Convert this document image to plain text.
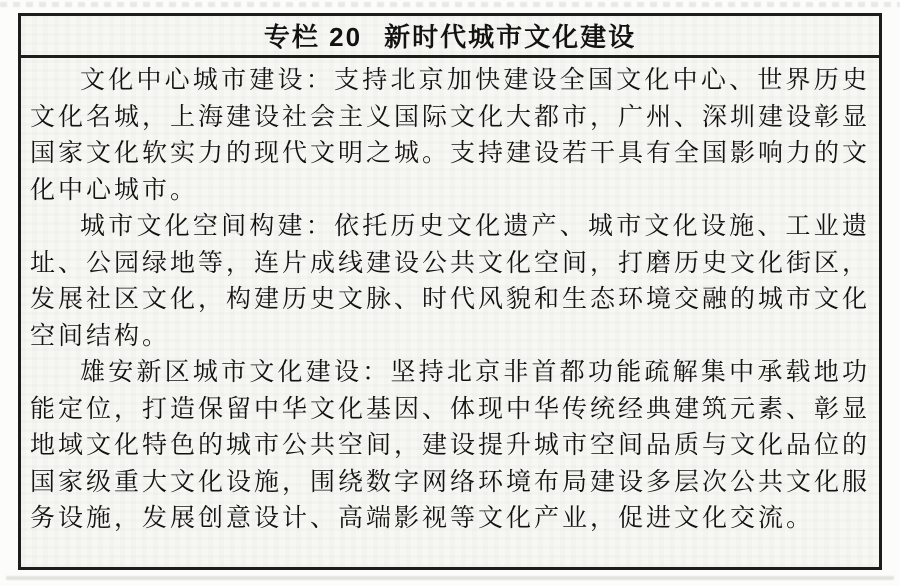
专栏 20 新时代城市文化建设

文化中心城市建设：支持北京加快建设全国文化中心、世界历史文化名城，上海建设社会主义国际文化大都市，广州、深圳建设彰显国家文化软实力的现代文明之城。支持建设若干具有全国影响力的文化中心城市。

城市文化空间构建：依托历史文化遗产、城市文化设施、工业遗址、公园绿地等，连片成线建设公共文化空间，打磨历史文化街区，发展社区文化，构建历史文脉、时代风貌和生态环境交融的城市文化空间结构。

雄安新区城市文化建设：坚持北京非首都功能疏解集中承载地功能定位，打造保留中华文化基因、体现中华传统经典建筑元素、彰显地域文化特色的城市公共空间，建设提升城市空间品质与文化品位的国家级重大文化设施，围绕数字网络环境布局建设多层次公共文化服务设施，发展创意设计、高端影视等文化产业，促进文化交流。
